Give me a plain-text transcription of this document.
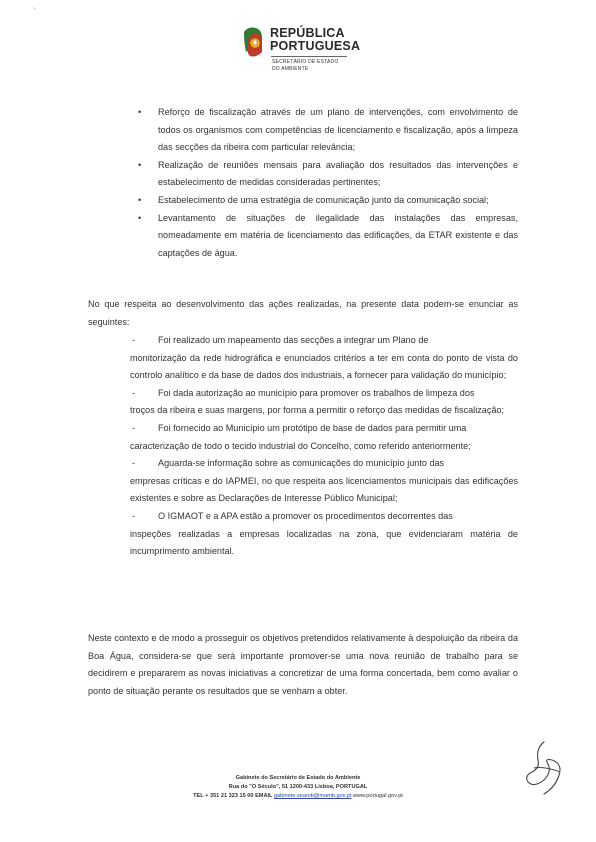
'
REPÚBLICA
PORTUGUESA
SECRETÁRIO DE ESTADO
DO AMBIENTE
• Reforço de fiscalização através de um plano de intervenções, com envolvimento de todos os organismos com competências de licenciamento e fiscalização, após a limpeza das secções da ribeira com particular relevância;
• Realização de reuniões mensais para avaliação dos resultados das intervenções e estabelecimento de medidas consideradas pertinentes;
• Estabelecimento de uma estratégia de comunicação junto da comunicação social;
• Levantamento de situações de ilegalidade das instalações das empresas, nomeadamente em matéria de licenciamento das edificações, da ETAR existente e das captações de água.
No que respeita ao desenvolvimento das ações realizadas, na presente data podem-se enunciar as seguintes:
-	Foi realizado um mapeamento das secções a integrar um Plano de
monitorização da rede hidrográfica e enunciados critérios a ter em conta do ponto de vista do controlo analítico e da base de dados dos industriais, a fornecer para validação do município;
-	Foi dada autorização ao município para promover os trabalhos de limpeza dos
troços da ribeira e suas margens, por forma a permitir o reforço das medidas de fiscalização;
-	Foi fornecido ao Município um protótipo de base de dados para permitir uma
caracterização de todo o tecido industrial do Concelho, como referido anteriormente;
-	Aguarda-se informação sobre as comunicações do município junto das
empresas críticas e do IAPMEI, no que respeita aos licenciamentos municipais das edificações existentes e sobre as Declarações de Interesse Público Municipal;
-	O IGMAOT e a APA estão a promover os procedimentos decorrentes das
inspeções realizadas a empresas localizadas na zona, que evidenciaram matéria de incumprimento ambiental.
Neste contexto e de modo a prosseguir os objetivos pretendidos relativamente à despoluição da ribeira da Boa Água, considera-se que será importante promover-se uma nova reunião de trabalho para se decidirem e prepararem as novas iniciativas a concretizar de uma forma concertada, bem como avaliar o ponto de situação perante os resultados que se venham a obter.
Gabinete do Secretário de Estado do Ambiente
Rua do "O Século", 51 1200-433 Lisboa, PORTUGAL
TEL + 351 21 323 15 00 EMAIL gabinete.seamb@mamb.gov.pt www.portugal.gov.pt
